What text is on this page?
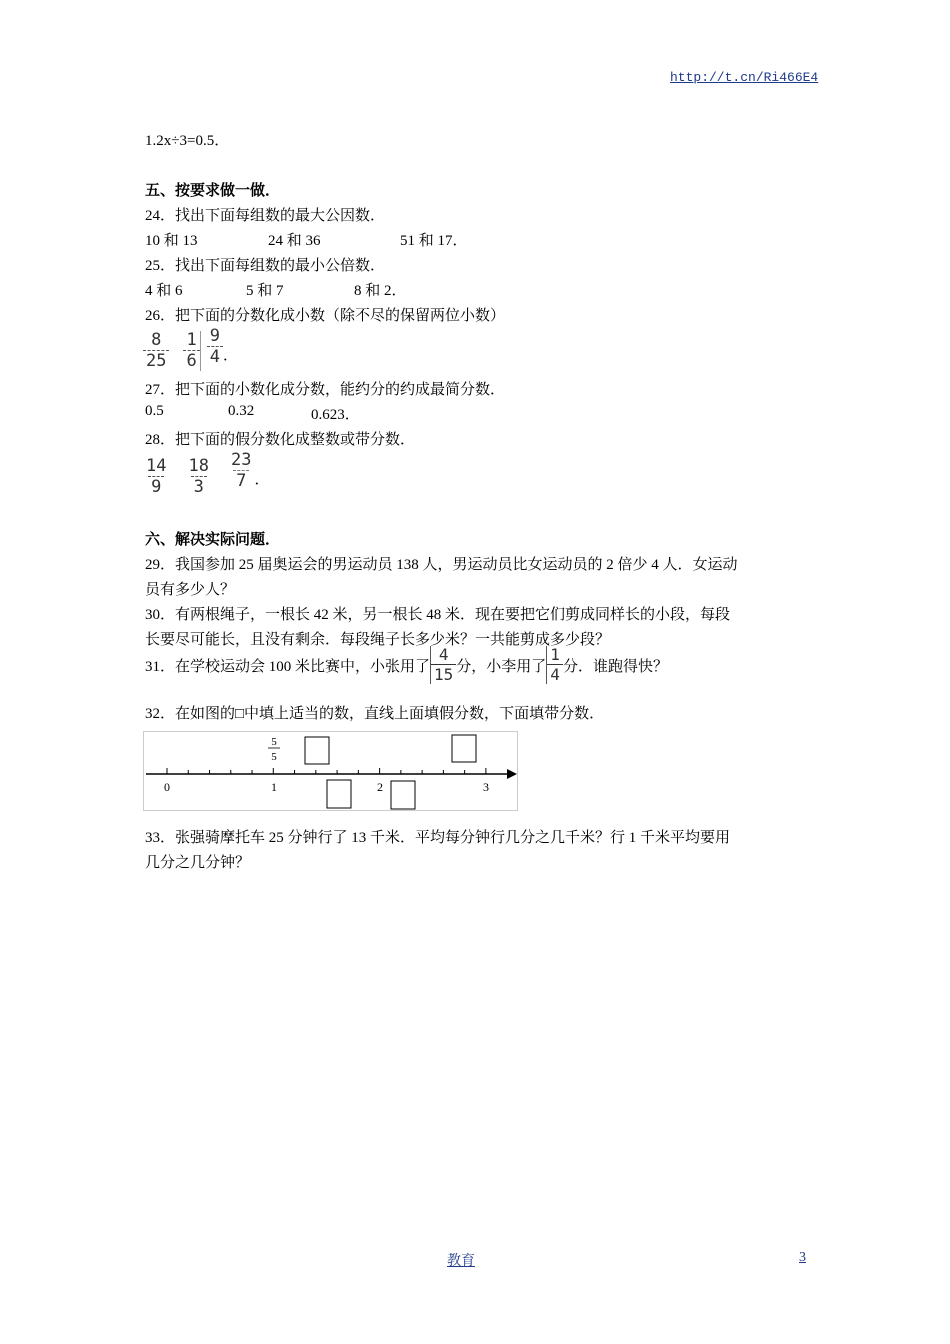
http://t.cn/Ri466E4
1.2x÷3=0.5．
五、按要求做一做．
24．找出下面每组数的最大公因数．
10 和 13	24 和 36	51 和 17．
25．找出下面每组数的最小公倍数．
4 和 6	5 和 7	8 和 2．
26．把下面的分数化成小数（除不尽的保留两位小数）
$\frac{8}{25} \frac{1}{6} \frac{9}{4}$ ．
27．把下面的小数化成分数，能约分的约成最简分数．
0.5	0.32	0.623．
28．把下面的假分数化成整数或带分数．
$\frac{14}{9} \frac{18}{3} \frac{23}{7}$ ．
六、解决实际问题．
29．我国参加 25 届奥运会的男运动员 138 人，男运动员比女运动员的 2 倍少 4 人．女运动
员有多少人？
30．有两根绳子，一根长 42 米，另一根长 48 米．现在要把它们剪成同样长的小段，每段
长要尽可能长，且没有剩余．每段绳子长多少米？一共能剪成多少段？
31．在学校运动会 100 米比赛中，小张用了 $\frac{4}{15}$ 分，小李用了 $\frac{1}{4}$ 分．谁跑得快？
32．在如图的□中填上适当的数，直线上面填假分数，下面填带分数．
0	1	2	3
5
5
33．张强骑摩托车 25 分钟行了 13 千米．平均每分钟行几分之几千米？行 1 千米平均要用
几分之几分钟？
教育	3
